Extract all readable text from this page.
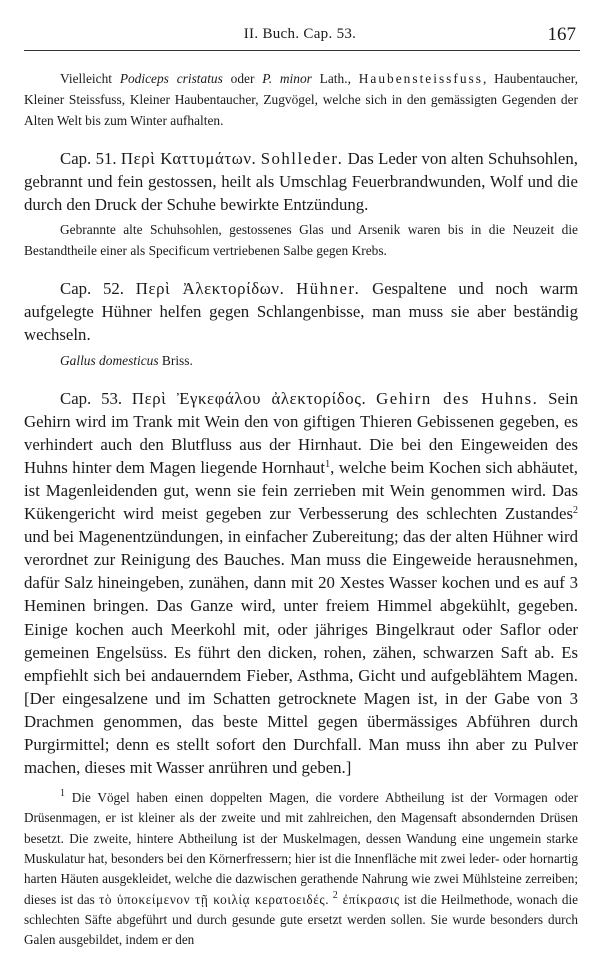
II. Buch. Cap. 53.	167

Vielleicht Podiceps cristatus oder P. minor Lath., Haubensteissfuss, Haubentaucher, Kleiner Steissfuss, Kleiner Haubentaucher, Zugvögel, welche sich in den gemässigten Gegenden der Alten Welt bis zum Winter aufhalten.

Cap. 51. Περὶ Καττυμάτων. Sohlleder. Das Leder von alten Schuhsohlen, gebrannt und fein gestossen, heilt als Umschlag Feuerbrandwunden, Wolf und die durch den Druck der Schuhe bewirkte Entzündung.

Gebrannte alte Schuhsohlen, gestossenes Glas und Arsenik waren bis in die Neuzeit die Bestandtheile einer als Specificum vertriebenen Salbe gegen Krebs.

Cap. 52. Περὶ Ἀλεκτορίδων. Hühner. Gespaltene und noch warm aufgelegte Hühner helfen gegen Schlangenbisse, man muss sie aber beständig wechseln.

Gallus domesticus Briss.

Cap. 53. Περὶ Ἐγκεφάλου ἀλεκτορίδος. Gehirn des Huhns. Sein Gehirn wird im Trank mit Wein den von giftigen Thieren Gebissenen gegeben, es verhindert auch den Blutfluss aus der Hirnhaut. Die bei den Eingeweiden des Huhns hinter dem Magen liegende Hornhaut$^1$, welche beim Kochen sich abhäutet, ist Magenleidenden gut, wenn sie fein zerrieben mit Wein genommen wird. Das Kükengericht wird meist gegeben zur Verbesserung des schlechten Zustandes$^2$ und bei Magenentzündungen, in einfacher Zubereitung; das der alten Hühner wird verordnet zur Reinigung des Bauches. Man muss die Eingeweide herausnehmen, dafür Salz hineingeben, zunähen, dann mit 20 Xestes Wasser kochen und es auf 3 Heminen bringen. Das Ganze wird, unter freiem Himmel abgekühlt, gegeben. Einige kochen auch Meerkohl mit, oder jähriges Bingelkraut oder Saflor oder gemeinen Engelsüss. Es führt den dicken, rohen, zähen, schwarzen Saft ab. Es empfiehlt sich bei andauerndem Fieber, Asthma, Gicht und aufgeblähtem Magen. [Der eingesalzene und im Schatten getrocknete Magen ist, in der Gabe von 3 Drachmen genommen, das beste Mittel gegen übermässiges Abführen durch Purgirmittel; denn es stellt sofort den Durchfall. Man muss ihn aber zu Pulver machen, dieses mit Wasser anrühren und geben.]

$^1$ Die Vögel haben einen doppelten Magen, die vordere Abtheilung ist der Vormagen oder Drüsenmagen, er ist kleiner als der zweite und mit zahlreichen, den Magensaft absondernden Drüsen besetzt. Die zweite, hintere Abtheilung ist der Muskelmagen, dessen Wandung eine ungemein starke Muskulatur hat, besonders bei den Körnerfressern; hier ist die Innenfläche mit zwei leder- oder hornartig harten Häuten ausgekleidet, welche die dazwischen gerathende Nahrung wie zwei Mühlsteine zerreiben; dieses ist das τὸ ὑποκείμενον τῇ κοιλίᾳ κερατοειδές. $^2$ ἐπίκρασις ist die Heilmethode, wonach die schlechten Säfte abgeführt und durch gesunde gute ersetzt werden sollen. Sie wurde besonders durch Galen ausgebildet, indem er den
